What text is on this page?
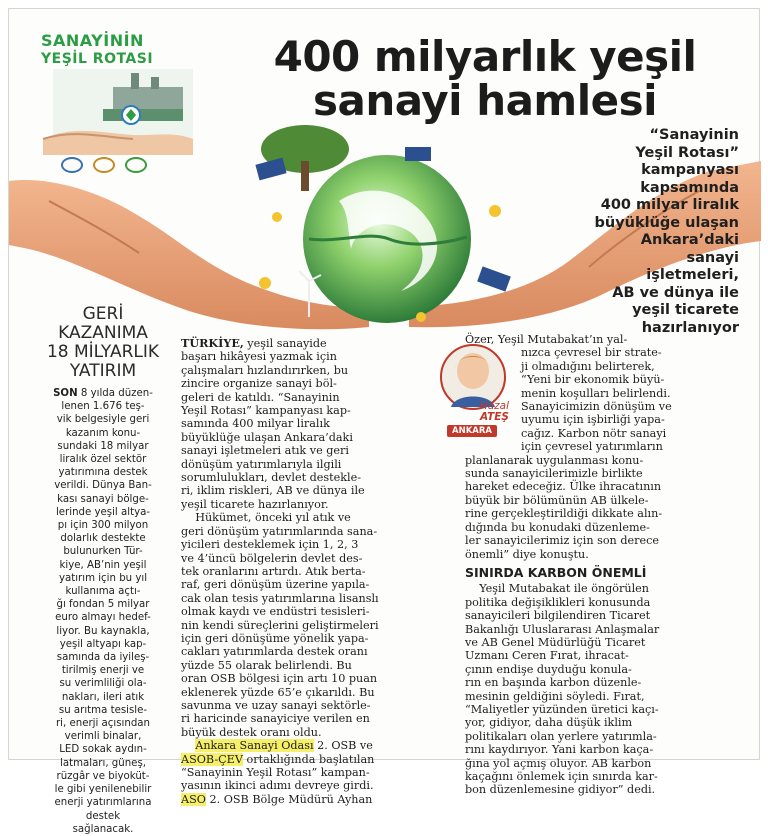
SANAYİNİN
YEŞİL ROTASI	400 milyarlık yeşil
sanayi hamlesi
“Sanayinin
Yeşil Rotası”
kampanyası
kapsamında
400 milyar liralık
büyüklüğe ulaşan
Ankara’daki
sanayi
işletmeleri,
AB ve dünya ile
yeşil ticarete
hazırlanıyor
GERİ
KAZANIMA
18 MİLYARLIK
YATIRIM
SON 8 yılda düzen-
lenen 1.676 teş-
vik belgesiyle geri
kazanım konu-
sundaki 18 milyar
liralık özel sektör
yatırımına destek
verildi. Dünya Ban-
kası sanayi bölge-
lerinde yeşil altya-
pı için 300 milyon
dolarlık destekte
bulunurken Tür-
kiye, AB’nin yeşil
yatırım için bu yıl
kullanıma açtı-
ğı fondan 5 milyar
euro almayı hedef-
liyor. Bu kaynakla,
yeşil altyapı kap-
samında da iyileş-
tirilmiş enerji ve
su verimliliği ola-
nakları, ileri atık
su arıtma tesisle-
ri, enerji açısından
verimli binalar,
LED sokak aydın-
latmaları, güneş,
rüzgâr ve biyoküt-
le gibi yenilenebilir
enerji yatırımlarına
destek
sağlanacak.
TÜRKİYE, yeşil sanayide
başarı hikâyesi yazmak için
çalışmaları hızlandırırken, bu
zincire organize sanayi böl-
geleri de katıldı. “Sanayinin
Yeşil Rotası” kampanyası kap-
samında 400 milyar liralık
büyüklüğe ulaşan Ankara’daki
sanayi işletmeleri atık ve geri
dönüşüm yatırımlarıyla ilgili
sorumlulukları, devlet destekle-
ri, iklim riskleri, AB ve dünya ile
yeşil ticarete hazırlanıyor.
Hükümet, önceki yıl atık ve
geri dönüşüm yatırımlarında sana-
yicileri desteklemek için 1, 2, 3
ve 4’üncü bölgelerin devlet des-
tek oranlarını artırdı. Atık berta-
raf, geri dönüşüm üzerine yapıla-
cak olan tesis yatırımlarına lisanslı
olmak kaydı ve endüstri tesisleri-
nin kendi süreçlerini geliştirmeleri
için geri dönüşüme yönelik yapa-
cakları yatırımlarda destek oranı
yüzde 55 olarak belirlendi. Bu
oran OSB bölgesi için artı 10 puan
eklenerek yüzde 65’e çıkarıldı. Bu
savunma ve uzay sanayi sektörle-
ri haricinde sanayiciye verilen en
büyük destek oranı oldu.
Ankara Sanayi Odası 2. OSB ve
ASOB-ÇEV ortaklığında başlatılan
“Sanayinin Yeşil Rotası” kampan-
yasının ikinci adımı devreye girdi.
ASO 2. OSB Bölge Müdürü Ayhan
Hazal
ATEŞ
ANKARA
Özer, Yeşil Mutabakat’ın yal-
nızca çevresel bir strate-
ji olmadığını belirterek,
“Yeni bir ekonomik büyü-
menin koşulları belirlendi.
Sanayicimizin dönüşüm ve
uyumu için işbirliği yapa-
cağız. Karbon nötr sanayi
için çevresel yatırımların
planlanarak uygulanması konu-
sunda sanayicilerimizle birlikte
hareket edeceğiz. Ülke ihracatının
büyük bir bölümünün AB ülkele-
rine gerçekleştirildiği dikkate alın-
dığında bu konudaki düzenleme-
ler sanayicilerimiz için son derece
önemli” diye konuştu.
SINIRDA KARBON ÖNEMLİ
Yeşil Mutabakat ile öngörülen
politika değişiklikleri konusunda
sanayicileri bilgilendiren Ticaret
Bakanlığı Uluslararası Anlaşmalar
ve AB Genel Müdürlüğü Ticaret
Uzmanı Ceren Fırat, ihracat-
çının endişe duyduğu konula-
rın en başında karbon düzenle-
mesinin geldiğini söyledi. Fırat,
“Maliyetler yüzünden üretici kaçı-
yor, gidiyor, daha düşük iklim
politikaları olan yerlere yatırımla-
rını kaydırıyor. Yani karbon kaça-
ğına yol açmış oluyor. AB karbon
kaçağını önlemek için sınırda kar-
bon düzenlemesine gidiyor” dedi.
